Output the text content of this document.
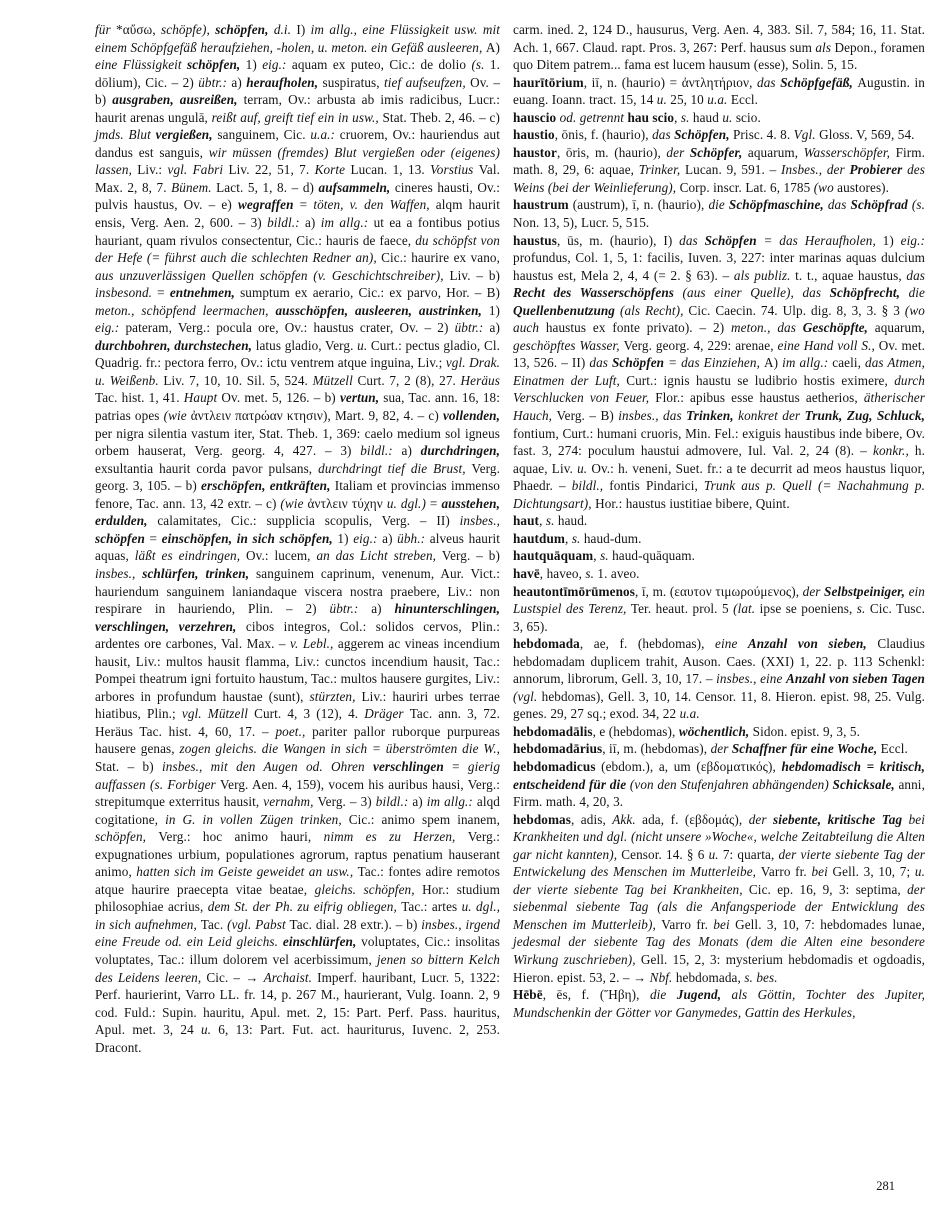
für *αὔσω, schöpfe), schöpfen, d.i. I) im allg., eine Flüssigkeit usw. mit einem Schöpfgefäß heraufziehen, -holen, u. meton. ein Gefäß ausleeren, A) eine Flüssigkeit schöpfen, 1) eig.: aquam ex puteo, Cic.: de dolio (s. 1. dōlium), Cic. – 2) übtr.: a) heraufholen, suspiratus, tief aufseufzen, Ov. – b) ausgraben, ausreißen, terram, Ov.: arbusta ab imis radicibus, Lucr.: haurit arenas ungulā, reißt auf, greift tief ein in usw., Stat. Theb. 2, 46. – c) jmds. Blut vergießen, sanguinem, Cic. u.a.: cruorem, Ov.: hauriendus aut dandus est sanguis, wir müssen (fremdes) Blut vergießen oder (eigenes) lassen, Liv.: vgl. Fabri Liv. 22, 51, 7. Korte Lucan. 1, 13. Vorstius Val. Max. 2, 8, 7. Bünem. Lact. 5, 1, 8. – d) aufsammeln, cineres hausti, Ov.: pulvis haustus, Ov. – e) wegraffen = töten, v. den Waffen, alqm haurit ensis, Verg. Aen. 2, 600. – 3) bildl.: a) im allg.: ut ea a fontibus potius hauriant, quam rivulos consectentur, Cic.: hauris de faece, du schöpfst von der Hefe (= führst auch die schlechten Redner an), Cic.: haurire ex vano, aus unzuverlässigen Quellen schöpfen (v. Geschichtschreiber), Liv. – b) insbesond. = entnehmen, sumptum ex aerario, Cic.: ex parvo, Hor. – B) meton., schöpfend leermachen, ausschöpfen, ausleeren, austrinken, 1) eig.: pateram, Verg.: pocula ore, Ov.: haustus crater, Ov. – 2) übtr.: a) durchbohren, durchstechen, latus gladio, Verg. u. Curt.: pectus gladio, Cl. Quadrig. fr.: pectora ferro, Ov.: ictu ventrem atque inguina, Liv.; vgl. Drak. u. Weißenb. Liv. 7, 10, 10. Sil. 5, 524. Mützell Curt. 7, 2 (8), 27. Heräus Tac. hist. 1, 41. Haupt Ov. met. 5, 126. – b) vertun, sua, Tac. ann. 16, 18: patrias opes (wie ἀντλειν πατρώαν κτησιν), Mart. 9, 82, 4. – c) vollenden, per nigra silentia vastum iter, Stat. Theb. 1, 369: caelo medium sol igneus orbem hauserat, Verg. georg. 4, 427. – 3) bildl.: a) durchdringen, exsultantia haurit corda pavor pulsans, durchdringt tief die Brust, Verg. georg. 3, 105. – b) erschöpfen, entkräften, Italiam et provincias immenso fenore, Tac. ann. 13, 42 extr. – c) (wie ἀντλειν τύχην u. dgl.) = ausstehen, erdulden, calamitates, Cic.: supplicia scopulis, Verg. – II) insbes., schöpfen = einschöpfen, in sich schöpfen, 1) eig.: a) übh.: alveus haurit aquas, läßt es eindringen, Ov.: lucem, an das Licht streben, Verg. – b) insbes., schlürfen, trinken, sanguinem caprinum, venenum, Aur. Vict.: hauriendum sanguinem laniandaque viscera nostra praebere, Liv.: non respirare in hauriendo, Plin. – 2) übtr.: a) hinunterschlingen, verschlingen, verzehren, cibos integros, Col.: solidos cervos, Plin.: ardentes ore carbones, Val. Max. – v. Lebl., aggerem ac vineas incendium hausit, Liv.: multos hausit flamma, Liv.: cunctos incendium hausit, Tac.: Pompei theatrum igni fortuito haustum, Tac.: multos hausere gurgites, Liv.: arbores in profundum haustae (sunt), stürzten, Liv.: hauriri urbes terrae hiatibus, Plin.; vgl. Mützell Curt. 4, 3 (12), 4. Dräger Tac. ann. 3, 72. Heräus Tac. hist. 4, 60, 17. – poet., pariter pallor ruborque purpureas hausere genas, zogen gleichs. die Wangen in sich = überströmten die W., Stat. – b) insbes., mit den Augen od. Ohren verschlingen = gierig auffassen (s. Forbiger Verg. Aen. 4, 159), vocem his auribus hausi, Verg.: strepitumque exterritus hausit, vernahm, Verg. – 3) bildl.: a) im allg.: alqd cogitatione, in G. in vollen Zügen trinken, Cic.: animo spem inanem, schöpfen, Verg.: hoc animo hauri, nimm es zu Herzen, Verg.: expugnationes urbium, populationes agrorum, raptus penatium hauserant animo, hatten sich im Geiste geweidet an usw., Tac.: fontes adire remotos atque haurire praecepta vitae beatae, gleichs. schöpfen, Hor.: studium philosophiae acrius, dem St. der Ph. zu eifrig obliegen, Tac.: artes u. dgl., in sich aufnehmen, Tac. (vgl. Pabst Tac. dial. 28 extr.). – b) insbes., irgend eine Freude od. ein Leid gleichs. einschlürfen, voluptates, Cic.: insolitas voluptates, Tac.: illum dolorem vel acerbissimum, jenen so bittern Kelch des Leidens leeren, Cic. – → Archaist. Imperf. hauribant, Lucr. 5, 1322: Perf. haurierint, Varro LL. fr. 14, p. 267 M., haurierant, Vulg. Ioann. 2, 9 cod. Fuld.: Supin. hauritu, Apul. met. 2, 15: Part. Perf. Pass. hauritus, Apul. met. 3, 24 u. 6, 13: Part. Fut. act. hauriturus, Iuvenc. 2, 253. Dracont.

carm. ined. 2, 124 D., hausurus, Verg. Aen. 4, 383. Sil. 7, 584; 16, 11. Stat. Ach. 1, 667. Claud. rapt. Pros. 3, 267: Perf. hausus sum als Depon., foramen quo Ditem patrem... fama est lucem hausum (esse), Solin. 5, 15.

haurītōrium, iī, n. (haurio) = ἀντλητήριον, das Schöpfgefäß, Augustin. in euang. Ioann. tract. 15, 14 u. 25, 10 u.a. Eccl.

hauscio od. getrennt hau scio, s. haud u. scio.

haustio, ōnis, f. (haurio), das Schöpfen, Prisc. 4. 8. Vgl. Gloss. V, 569, 54.

haustor, ōris, m. (haurio), der Schöpfer, aquarum, Wasserschöpfer, Firm. math. 8, 29, 6: aquae, Trinker, Lucan. 9, 591. – Insbes., der Probierer des Weins (bei der Weinlieferung), Corp. inscr. Lat. 6, 1785 (wo austores).

haustrum (austrum), ī, n. (haurio), die Schöpfmaschine, das Schöpfrad (s. Non. 13, 5), Lucr. 5, 515.

haustus, ūs, m. (haurio), I) das Schöpfen = das Heraufholen, 1) eig.: profundus, Col. 1, 5, 1: facilis, Iuven. 3, 227: inter marinas aquas dulcium haustus est, Mela 2, 4, 4 (= 2. § 63). – als publiz. t. t., aquae haustus, das Recht des Wasserschöpfens (aus einer Quelle), das Schöpfrecht, die Quellenbenutzung (als Recht), Cic. Caecin. 74. Ulp. dig. 8, 3, 3. § 3 (wo auch haustus ex fonte privato). – 2) meton., das Geschöpfte, aquarum, geschöpftes Wasser, Verg. georg. 4, 229: arenae, eine Hand voll S., Ov. met. 13, 526. – II) das Schöpfen = das Einziehen, A) im allg.: caeli, das Atmen, Einatmen der Luft, Curt.: ignis haustu se ludibrio hostis eximere, durch Verschlucken von Feuer, Flor.: apibus esse haustus aetherios, ätherischer Hauch, Verg. – B) insbes., das Trinken, konkret der Trunk, Zug, Schluck, fontium, Curt.: humani cruoris, Min. Fel.: exiguis haustibus inde bibere, Ov. fast. 3, 274: poculum haustui admovere, Iul. Val. 2, 24 (8). – konkr., h. aquae, Liv. u. Ov.: h. veneni, Suet. fr.: a te decurrit ad meos haustus liquor, Phaedr. – bildl., fontis Pindarici, Trunk aus p. Quell (= Nachahmung p. Dichtungsart), Hor.: haustus iustitiae bibere, Quint.

haut, s. haud.

hautdum, s. haud-dum.

hautquāquam, s. haud-quāquam.

havē, haveo, s. 1. aveo.

heautontīmōrūmenos, ī, m. (εαυτον τιμωρούμενος), der Selbstpeiniger, ein Lustspiel des Terenz, Ter. heaut. prol. 5 (lat. ipse se poeniens, s. Cic. Tusc. 3, 65).

hebdomada, ae, f. (hebdomas), eine Anzahl von sieben, Claudius hebdomadam duplicem trahit, Auson. Caes. (XXI) 1, 22. p. 113 Schenkl: annorum, librorum, Gell. 3, 10, 17. – insbes., eine Anzahl von sieben Tagen (vgl. hebdomas), Gell. 3, 10, 14. Censor. 11, 8. Hieron. epist. 98, 25. Vulg. genes. 29, 27 sq.; exod. 34, 22 u.a.

hebdomadālis, e (hebdomas), wöchentlich, Sidon. epist. 9, 3, 5.

hebdomadārius, iī, m. (hebdomas), der Schaffner für eine Woche, Eccl.

hebdomadicus (ebdom.), a, um (εβδοματικός), hebdomadisch = kritisch, entscheidend für die (von den Stufenjahren abhängenden) Schicksale, anni, Firm. math. 4, 20, 3.

hebdomas, adis, Akk. ada, f. (εβδομάς), der siebente, kritische Tag bei Krankheiten und dgl. (nicht unsere »Woche«, welche Zeitabteilung die Alten gar nicht kannten), Censor. 14. § 6 u. 7: quarta, der vierte siebente Tag der Entwickelung des Menschen im Mutterleibe, Varro fr. bei Gell. 3, 10, 7; u. der vierte siebente Tag bei Krankheiten, Cic. ep. 16, 9, 3: septima, der siebenmal siebente Tag (als die Anfangsperiode der Entwicklung des Menschen im Mutterleib), Varro fr. bei Gell. 3, 10, 7: hebdomades lunae, jedesmal der siebente Tag des Monats (dem die Alten eine besondere Wirkung zuschrieben), Gell. 15, 2, 3: mysterium hebdomadis et ogdoadis, Hieron. epist. 53, 2. – → Nbf. hebdomada, s. bes.

Hēbē, ēs, f. (Ἥβη), die Jugend, als Göttin, Tochter des Jupiter, Mundschenkin der Götter vor Ganymedes, Gattin des Herkules,

281
